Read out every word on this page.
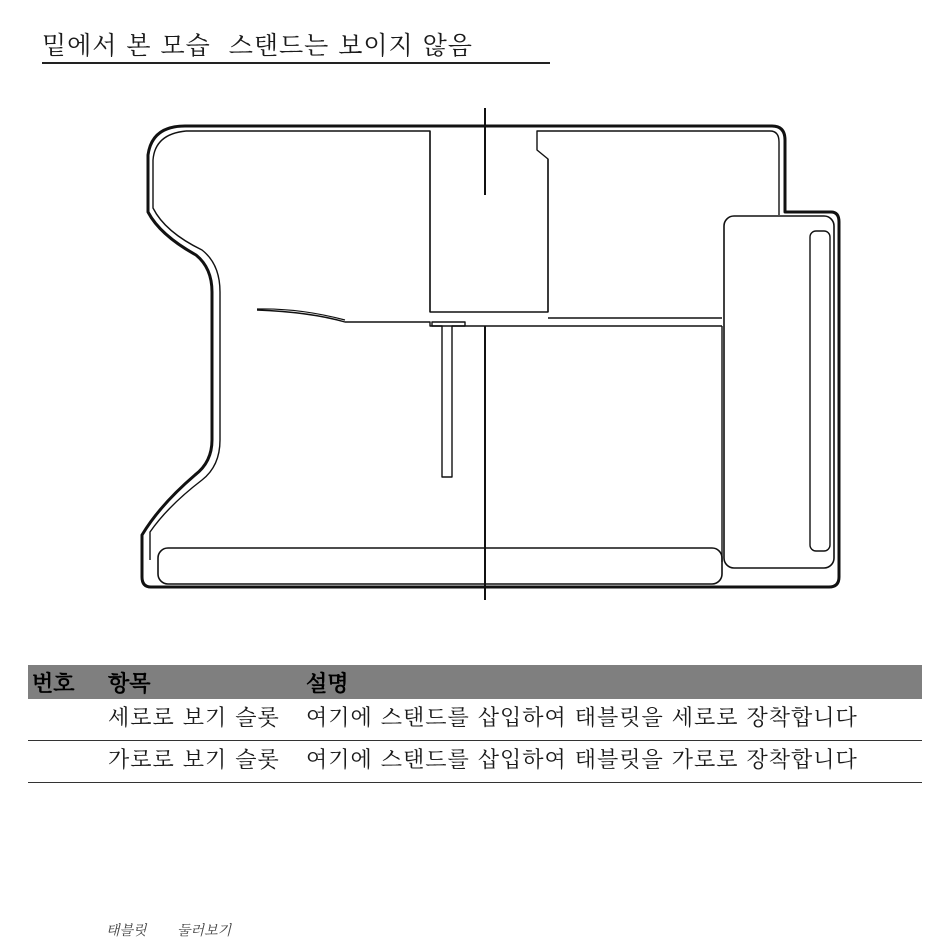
밑에서 본 모습  스탠드는 보이지 않음
번호	항목	설명
	세로로 보기 슬롯	여기에 스탠드를 삽입하여 태블릿을 세로로 장착합니다
	가로로 보기 슬롯	여기에 스탠드를 삽입하여 태블릿을 가로로 장착합니다
태블릿 둘러보기
